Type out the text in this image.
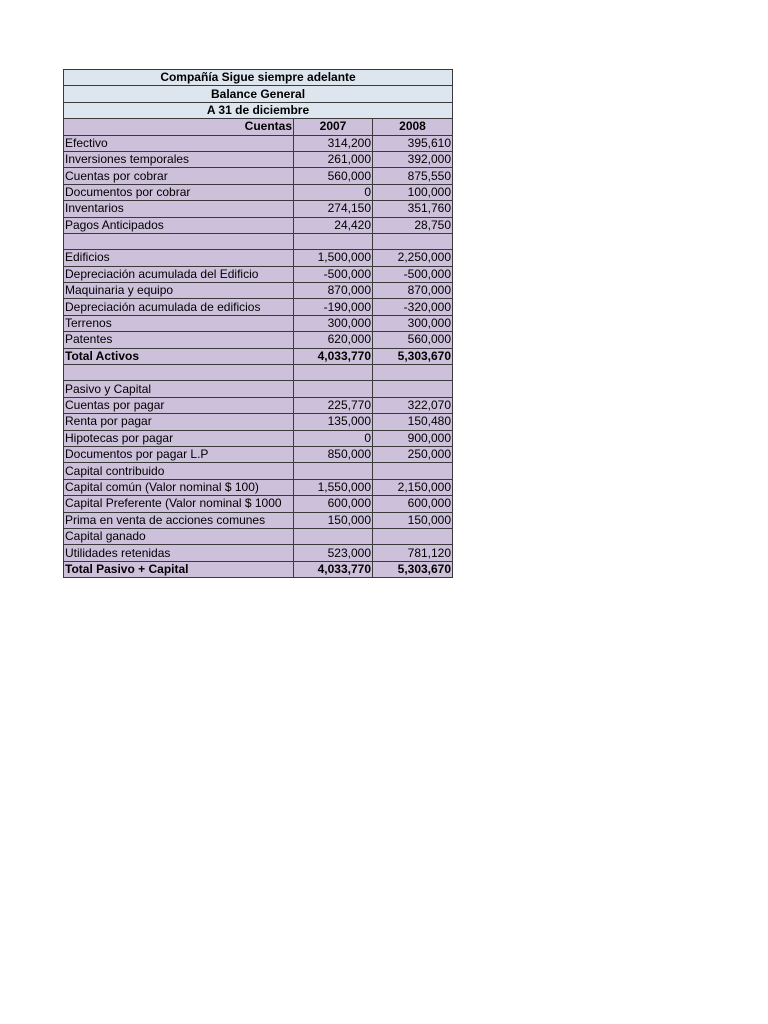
Compañía Sigue siempre adelante		
Balance General		
A 31 de diciembre		
Cuentas	2007	2008
Efectivo	314,200	395,610
Inversiones temporales	261,000	392,000
Cuentas por cobrar	560,000	875,550
Documentos por cobrar	0	100,000
Inventarios	274,150	351,760
Pagos Anticipados	24,420	28,750

Edificios	1,500,000	2,250,000
Depreciación acumulada del Edificio	-500,000	-500,000
Maquinaria y equipo	870,000	870,000
Depreciación acumulada de edificios	-190,000	-320,000
Terrenos	300,000	300,000
Patentes	620,000	560,000
Total Activos	4,033,770	5,303,670

Pasivo y Capital		
Cuentas por pagar	225,770	322,070
Renta por pagar	135,000	150,480
Hipotecas por pagar	0	900,000
Documentos por pagar L.P	850,000	250,000
Capital contribuido		
Capital común (Valor nominal $ 100)	1,550,000	2,150,000
Capital Preferente (Valor nominal $ 1000	600,000	600,000
Prima en venta de acciones comunes	150,000	150,000
Capital ganado		
Utilidades retenidas	523,000	781,120
Total Pasivo + Capital	4,033,770	5,303,670
